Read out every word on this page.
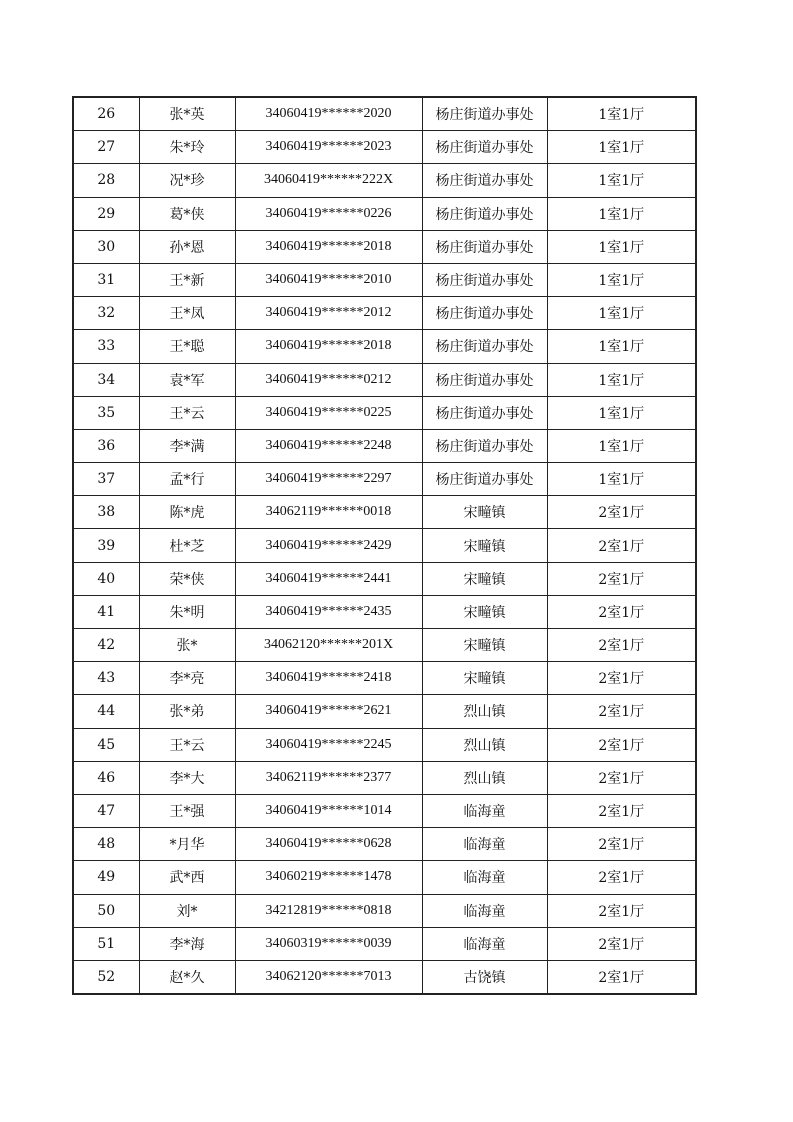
26	张*英	34060419******2020	杨庄街道办事处	1室1厅
27	朱*玲	34060419******2023	杨庄街道办事处	1室1厅
28	况*珍	34060419******222X	杨庄街道办事处	1室1厅
29	葛*侠	34060419******0226	杨庄街道办事处	1室1厅
30	孙*恩	34060419******2018	杨庄街道办事处	1室1厅
31	王*新	34060419******2010	杨庄街道办事处	1室1厅
32	王*凤	34060419******2012	杨庄街道办事处	1室1厅
33	王*聪	34060419******2018	杨庄街道办事处	1室1厅
34	袁*军	34060419******0212	杨庄街道办事处	1室1厅
35	王*云	34060419******0225	杨庄街道办事处	1室1厅
36	李*满	34060419******2248	杨庄街道办事处	1室1厅
37	孟*行	34060419******2297	杨庄街道办事处	1室1厅
38	陈*虎	34062119******0018	宋疃镇	2室1厅
39	杜*芝	34060419******2429	宋疃镇	2室1厅
40	荣*侠	34060419******2441	宋疃镇	2室1厅
41	朱*明	34060419******2435	宋疃镇	2室1厅
42	张*	34062120******201X	宋疃镇	2室1厅
43	李*亮	34060419******2418	宋疃镇	2室1厅
44	张*弟	34060419******2621	烈山镇	2室1厅
45	王*云	34060419******2245	烈山镇	2室1厅
46	李*大	34062119******2377	烈山镇	2室1厅
47	王*强	34060419******1014	临海童	2室1厅
48	*月华	34060419******0628	临海童	2室1厅
49	武*西	34060219******1478	临海童	2室1厅
50	刘*	34212819******0818	临海童	2室1厅
51	李*海	34060319******0039	临海童	2室1厅
52	赵*久	34062120******7013	古饶镇	2室1厅
